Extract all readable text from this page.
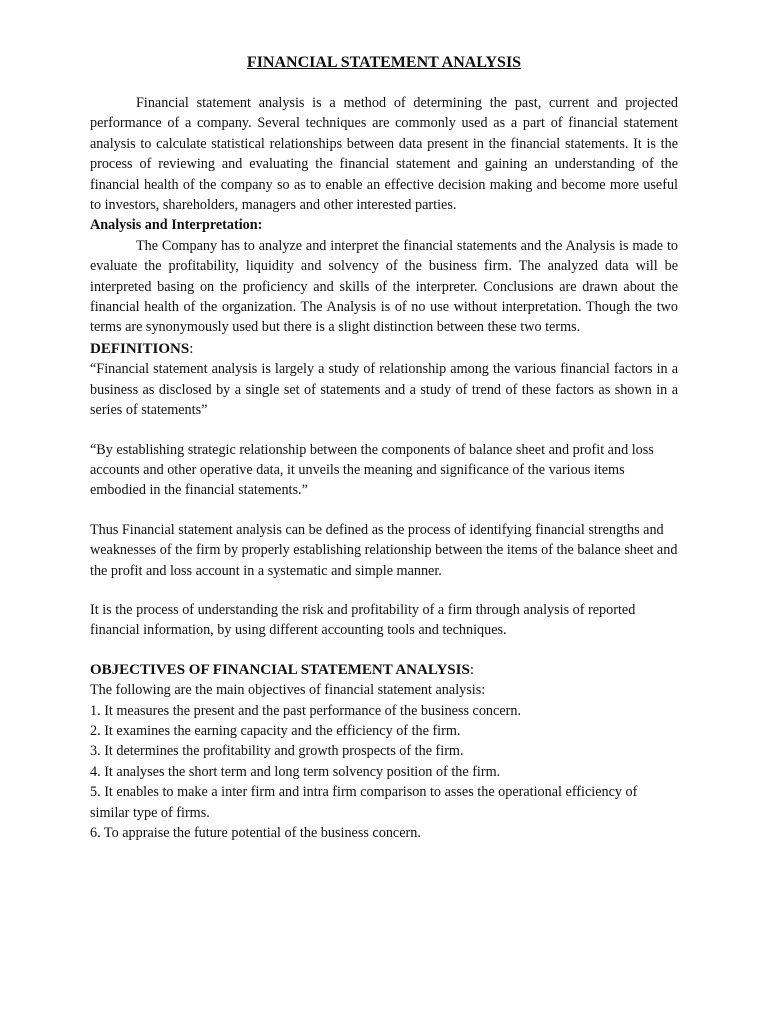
FINANCIAL STATEMENT ANALYSIS

Financial statement analysis is a method of determining the past, current and projected performance of a company. Several techniques are commonly used as a part of financial statement analysis to calculate statistical relationships between data present in the financial statements. It is the process of reviewing and evaluating the financial statement and gaining an understanding of the financial health of the company so as to enable an effective decision making and become more useful to investors, shareholders, managers and other interested parties.

Analysis and Interpretation:

The Company has to analyze and interpret the financial statements and the Analysis is made to evaluate the profitability, liquidity and solvency of the business firm. The analyzed data will be interpreted basing on the proficiency and skills of the interpreter. Conclusions are drawn about the financial health of the organization. The Analysis is of no use without interpretation. Though the two terms are synonymously used but there is a slight distinction between these two terms.

DEFINITIONS:

“Financial statement analysis is largely a study of relationship among the various financial factors in a business as disclosed by a single set of statements and a study of trend of these factors as shown in a series of statements”

“By establishing strategic relationship between the components of balance sheet and profit and loss accounts and other operative data, it unveils the meaning and significance of the various items embodied in the financial statements.”

Thus Financial statement analysis can be defined as the process of identifying financial strengths and weaknesses of the firm by properly establishing relationship between the items of the balance sheet and the profit and loss account in a systematic and simple manner.

It is the process of understanding the risk and profitability of a firm through analysis of reported financial information, by using different accounting tools and techniques.

OBJECTIVES OF FINANCIAL STATEMENT ANALYSIS:

The following are the main objectives of financial statement analysis:

1. It measures the present and the past performance of the business concern.
2. It examines the earning capacity and the efficiency of the firm.
3. It determines the profitability and growth prospects of the firm.
4. It analyses the short term and long term solvency position of the firm.
5. It enables to make a inter firm and intra firm comparison to asses the operational efficiency of similar type of firms.
6. To appraise the future potential of the business concern.
